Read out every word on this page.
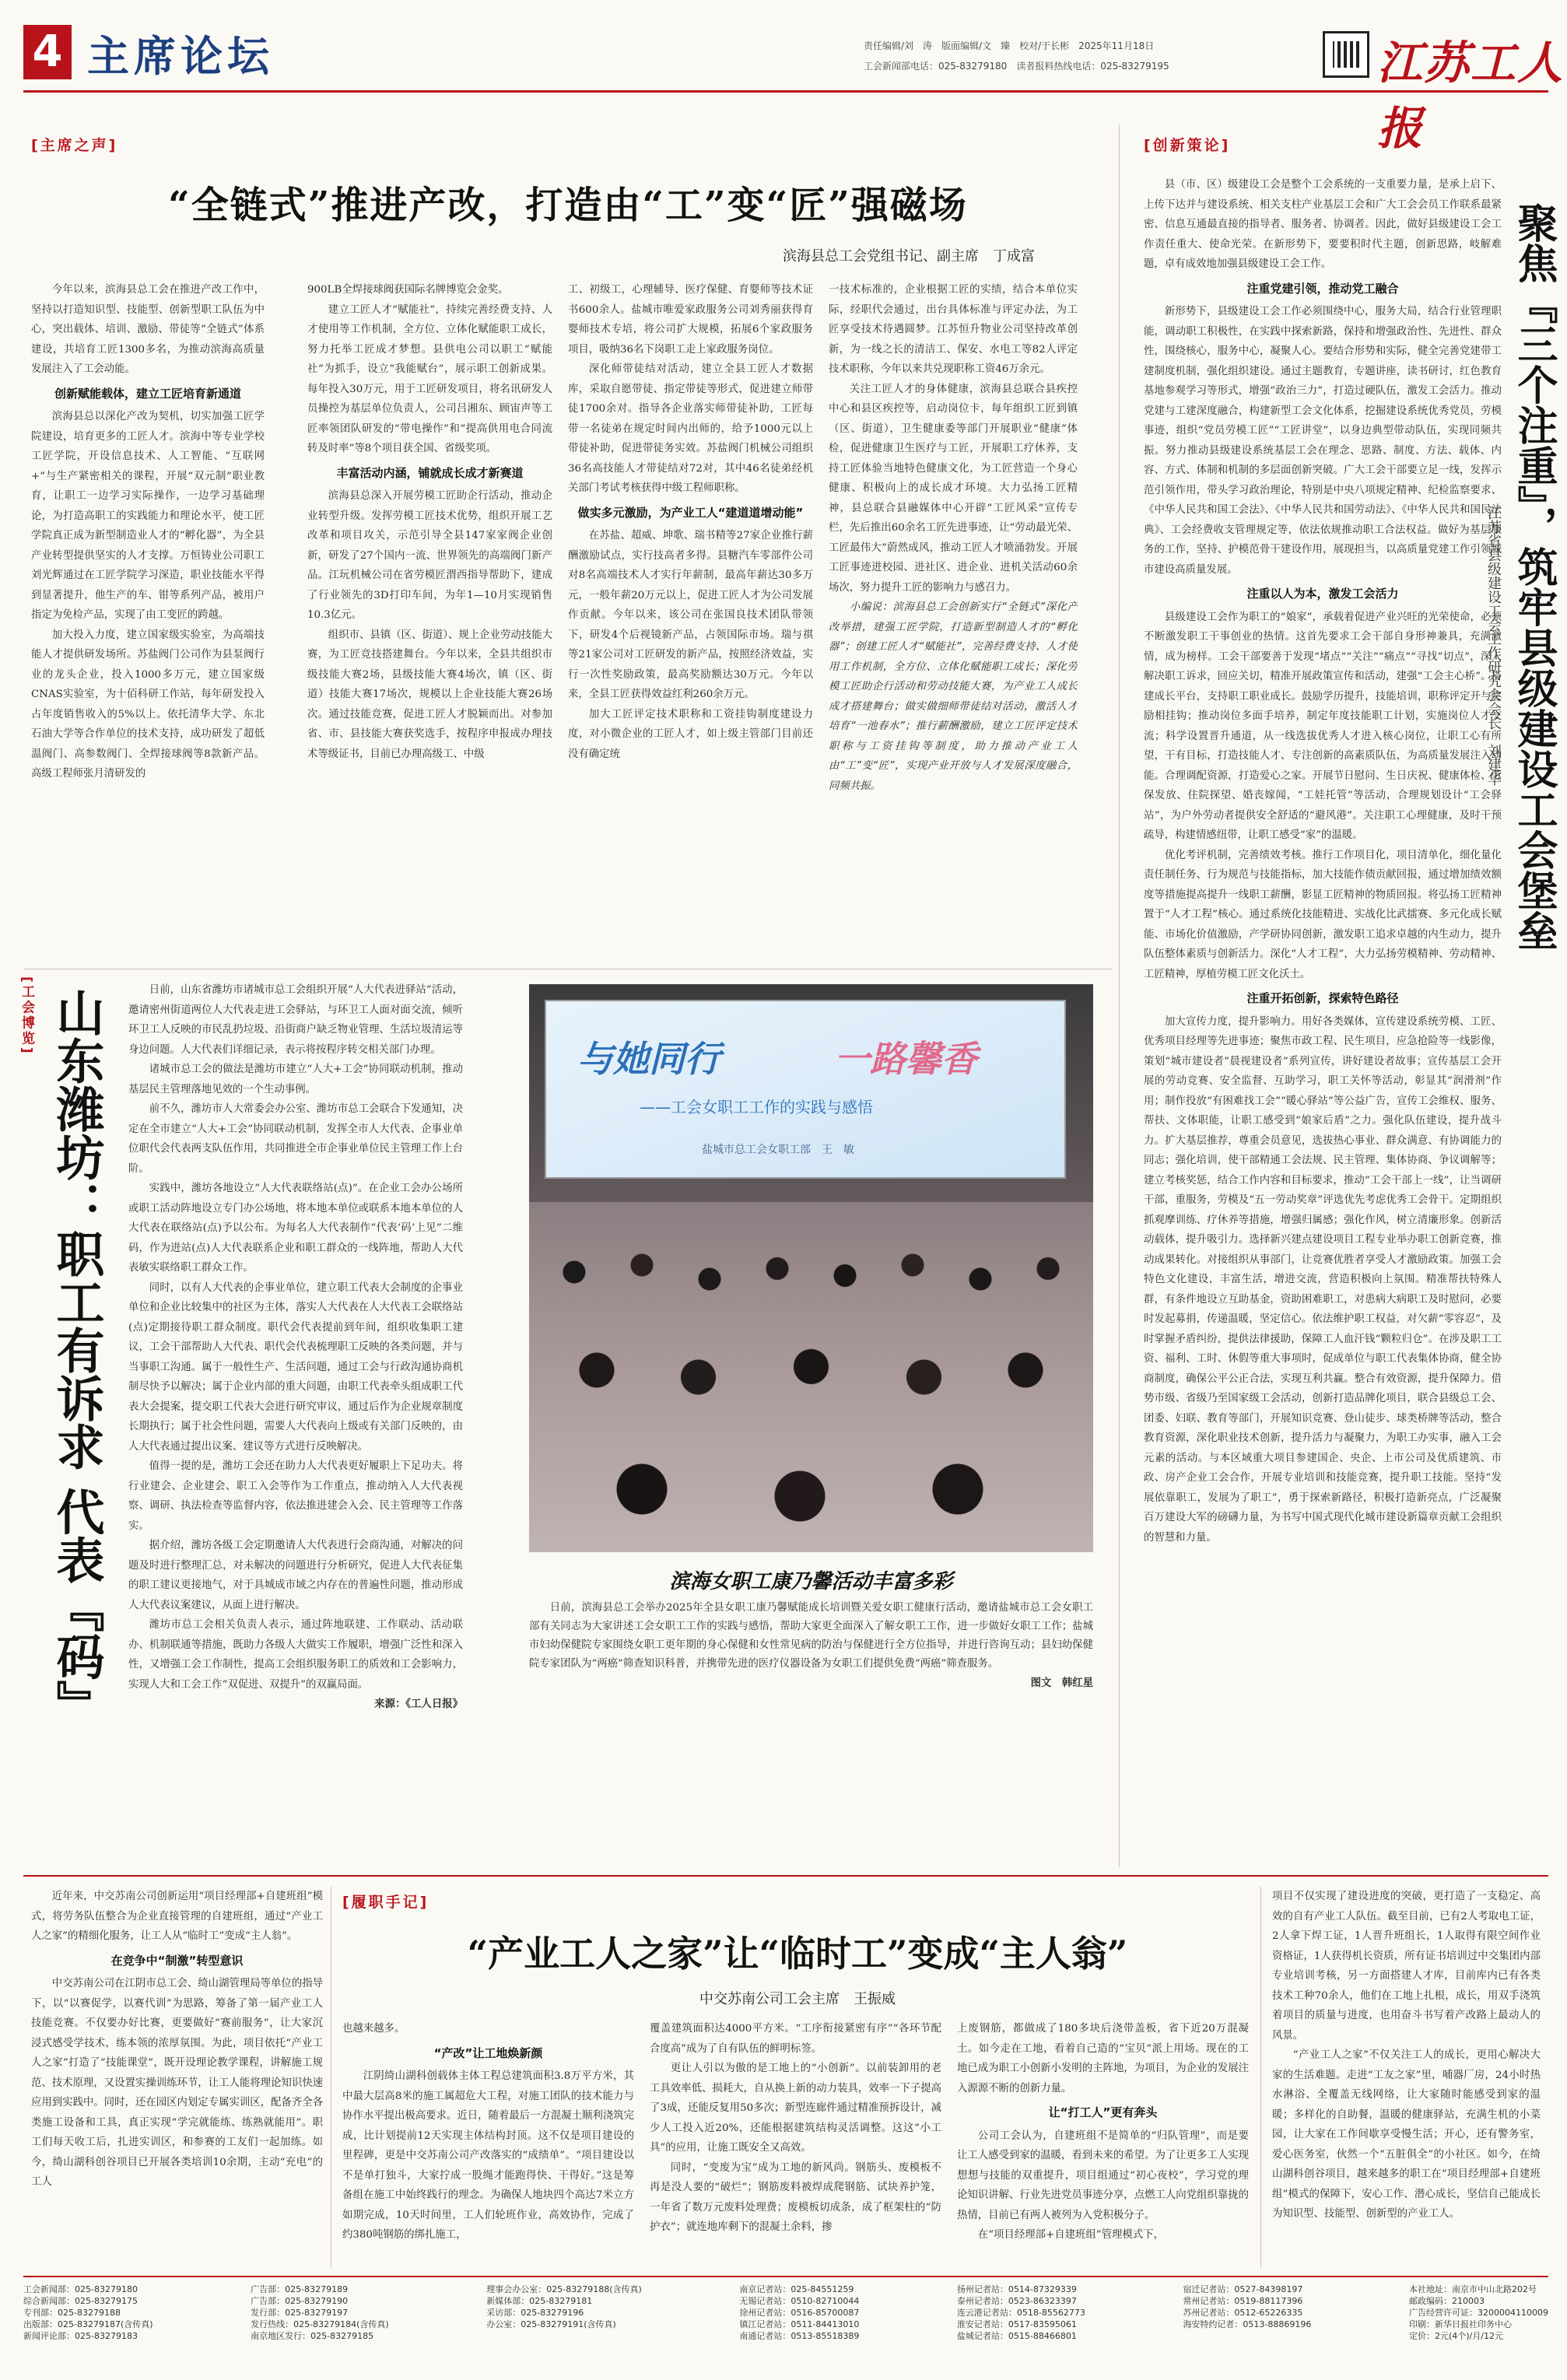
4 主席论坛	责任编辑/刘　涛　版面编辑/文　臻　校对/于长彬　2025年11月18日
工会新闻部电话：025-83279180　读者报料热线电话：025-83279195	江苏工人报
[主席之声]
“全链式”推进产改，打造由“工”变“匠”强磁场
滨海县总工会党组书记、副主席　丁成富

今年以来，滨海县总工会在推进产改工作中，坚持以打造知识型、技能型、创新型职工队伍为中心，突出载体、培训、激励、带徒等“全链式”体系建设，共培育工匠1300多名，为推动滨海高质量发展注入了工会动能。

创新赋能载体，建立工匠培育新通道

滨海县总以深化产改为契机，切实加强工匠学院建设，培育更多的工匠人才。滨海中等专业学校工匠学院，开设信息技术、人工智能、“互联网+”与生产紧密相关的课程，开展“双元制”职业教育，让职工一边学习实际操作，一边学习基础理论，为打造高职工的实践能力和理论水平，使工匠学院真正成为新型制造业人才的“孵化器”，为全县产业转型提供坚实的人才支撑。万恒铸业公司职工刘光辉通过在工匠学院学习深造，职业技能水平得到显著提升，他生产的车、钳等系列产品，被用户指定为免检产品，实现了由工变匠的跨越。

加大投入力度，建立国家级实验室，为高端技能人才提供研发场所。苏盐阀门公司作为县泵阀行业的龙头企业，投入1000多万元，建立国家级CNAS实验室，为十佰科研工作站，每年研发投入占年度销售收入的5%以上。依托清华大学、东北石油大学等合作单位的技术支持，成功研发了超低温阀门、高参数阀门、全焊接球阀等8款新产品。高级工程师张月清研发的

900LB全焊接球阀获国际名牌博览会金奖。

建立工匠人才“赋能社”，持续完善经费支持、人才使用等工作机制，全方位、立体化赋能职工成长，努力托举工匠成才梦想。县供电公司以职工“赋能社”为抓手，设立“我能赋台”，展示职工创新成果。每年投入30万元，用于工匠研发项目，将名讯研发人员操控为基层单位负责人，公司吕湘东、顾宙声等工匠率领团队研发的“带电操作”和“提高供用电合同流转及时率”等8个项目获全国、省级奖项。

丰富活动内涵，铺就成长成才新赛道

滨海县总深入开展劳模工匠助企行活动，推动企业转型升级。发挥劳模工匠技术优势，组织开展工艺改革和项目攻关，示范引导全县147家家阀企业创新，研发了27个国内一流、世界领先的高端阀门新产品。江玩机械公司在省劳模匠渭西指导帮助下，建成了行业领先的3D打印车间，为年1—10月实现销售10.3亿元。

组织市、县镇（区、街道）、规上企业劳动技能大赛，为工匠竞技搭建舞台。今年以来，全县共组织市级技能大赛2场，县级技能大赛4场次，镇（区、街道）技能大赛17场次，规模以上企业技能大赛26场次。通过技能竞赛，促进工匠人才脱颖而出。对参加省、市、县技能大赛获奖选手，按程序申报成办理技术等级证书，目前已办理高级工、中级

工、初级工，心理辅导、医疗保健、育婴师等技术证书600余人。盐城市唯爱家政服务公司刘秀丽获得育婴师技术专培，将公司扩大规模，拓展6个家政服务项目，吸纳36名下岗职工走上家政服务岗位。

深化师带徒结对活动，建立全县工匠人才数据库，采取自愿带徒、指定带徒等形式，促进建立师带徒1700余对。指导各企业落实师带徒补助，工匠每带一名徒弟在规定时间内出师的，给予1000元以上带徒补助，促进带徒务实效。苏盐阀门机械公司组织36名高技能人才带徒结对72对，其中46名徒弟经机关部门考试考核获得中级工程师职称。

做实多元激励，为产业工人“建道道增动能”

在苏盐、超威、坤歌、瑞书精等27家企业推行薪酬激励试点，实行技高者多得。县糖汽车零部件公司对8名高端技术人才实行年薪制，最高年薪达30多万元，一般年薪20万元以上，促进工匠人才为公司发展作贡献。今年以来，该公司在张国良技术团队带领下，研发4个后视镜新产品，占领国际市场。瑞与祺等21家公司对工匠研发的新产品，按照经济效益，实行一次性奖励政策，最高奖励额达30万元。今年以来，全县工匠获得效益红利260余万元。

加大工匠评定技术职称和工资挂钩制度建设力度，对小微企业的工匠人才，如上级主管部门目前还没有确定统

一技术标准的，企业根据工匠的实绩，结合本单位实际，经职代会通过，出台具体标准与评定办法，为工匠享受技术待遇圆梦。江苏恒升物业公司坚持改革创新，为一线之长的清洁工、保安、水电工等82人评定技术职称，今年以来共兑现职称工资46万余元。

关注工匠人才的身体健康，滨海县总联合县疾控中心和县区疾控等，启动岗位卡，每年组织工匠到镇（区、街道），卫生健康委等部门开展职业“健康”体检，促进健康卫生医疗与工匠，开展职工疗休养，支持工匠体验当地特色健康文化，为工匠营造一个身心健康、积极向上的成长成才环境。大力弘扬工匠精神，县总联合县融媒体中心开辟“工匠风采”宣传专栏，先后推出60余名工匠先进事迹，让“劳动最光荣、工匠最伟大”蔚然成风，推动工匠人才喷涌勃发。开展工匠事迹进校园、进社区、进企业、进机关活动60余场次，努力提升工匠的影响力与感召力。

小编说：滨海县总工会创新实行“全链式”深化产改举措，建强工匠学院，打造新型制造人才的“孵化器”；创建工匠人才“赋能社”，完善经费支持、人才使用工作机制，全方位、立体化赋能职工成长；深化劳模工匠助企行活动和劳动技能大赛，为产业工人成长成才搭建舞台；做实做细师带徒结对活动，激活人才培育“一池春水”；推行薪酬激励，建立工匠评定技术职称与工资挂钩等制度，助力推动产业工人由“工”变“匠”，实现产业开放与人才发展深度融合，同频共振。

[创新策论]

县（市、区）级建设工会是整个工会系统的一支重要力量，是承上启下、上传下达并与建设系统、相关支柱产业基层工会和广大工会会员工作联系最紧密、信息互通最直接的指导者、服务者、协调者。因此，做好县级建设工会工作责任重大、使命光荣。在新形势下，要要积时代主题，创新思路，岐解难题，卓有成效地加强县级建设工会工作。

注重党建引领，推动党工融合

新形势下，县级建设工会工作必须围绕中心，服务大局，结合行业管理职能，调动职工积极性，在实践中探索新路，保持和增强政治性、先进性、群众性，围绕核心，服务中心，凝聚人心。要结合形势和实际，健全完善党建带工建制度机制，强化组织建设。通过主题教育，专题讲座，读书研讨，红色教育基地参观学习等形式，增强“政治三力”，打造过硬队伍，激发工会活力。推动党建与工建深度融合，构建新型工会文化体系，挖掘建设系统优秀党员，劳模事迹，组织“党员劳模工匠”“工匠讲堂”，以身边典型带动队伍，实现同频共振。努力推动县级建设系统基层工会在理念、思路、制度、方法、载体、内容、方式、体制和机制的多层面创新突破。广大工会干部要立足一线，发挥示范引领作用，带头学习政治理论，特别是中央八项规定精神、纪检监察要求、《中华人民共和国工会法》、《中华人民共和国劳动法》、《中华人民共和国民法典》、工会经费收支管理规定等，依法依规推动职工合法权益。做好为基层服务的工作，坚持、护模范骨干建设作用，展现担当，以高质量党建工作引领城市建设高质量发展。

注重以人为本，激发工会活力

县级建设工会作为职工的“娘家”，承载着促进产业兴旺的光荣使命，必须不断激发职工干事创业的热情。这首先要求工会干部自身形神兼具，充满激情，成为榜样。工会干部要善于发现“堵点”“关注”“痛点”“寻找”切点”，深入解决职工诉求，回应关切，精准开展政策宣传和活动，建强“工会主心桥”。搭建成长平台，支持职工职业成长。鼓励学历提升，技能培训，职称评定开与奖励相挂钩；推动岗位多面手培养，制定年度技能职工计划，实施岗位人才交流；科学设置晋升通道，从一线选拔优秀人才进入核心岗位，让职工心有所望，干有目标，打造技能人才、专注创新的高素质队伍，为高质量发展注入动能。合理调配资源，打造爱心之家。开展节日慰问、生日庆祝、健康体检、劳保发放、住院探望、婚丧嫁闻，“工娃托管”等活动，合理规划设计“工会驿站”，为户外劳动者提供安全舒适的“避风港”。关注职工心理健康，及时干预疏导，构建情感纽带，让职工感受“家”的温暖。

优化考评机制，完善绩效考核。推行工作项目化，项目清单化，细化量化责任制任务、行为规范与技能指标，加大技能作债贡献回报，通过增加绩效额度等措施提高提升一线职工薪酬，影显工匠精神的物质回报。将弘扬工匠精神置于“人才工程”核心。通过系统化技能精进、实战化比武擂赛、多元化成长赋能、市场化价值激励，产学研协同创新，激发职工追求卓越的内生动力，提升队伍整体素质与创新活力。深化“人才工程”，大力弘扬劳模精神、劳动精神、工匠精神，厚植劳模工匠文化沃土。

注重开拓创新，探索特色路径

加大宣传力度，提升影响力。用好各类媒体，宣传建设系统劳模、工匠、优秀项目经理等先进事迹；聚焦市政工程、民生项目，应急抢险等一线影像，策划“城市建设者”晨视建设者”系列宣传，讲好建设者故事；宣传基层工会开展的劳动竞赛、安全监督、互助学习，职工关怀等活动，彰显其“润滑剂”作用；制作投放“有困难找工会”“暖心驿站”等公益广告，宣传工会维权、服务、帮扶、文体职能，让职工感受到“娘家后盾”之力。强化队伍建设，提升战斗力。扩大基层推荐，尊重会员意见，选拔热心事业、群众满意、有协调能力的同志；强化培训，使干部精通工会法规、民主管理、集体协商、争议调解等；建立考核奖惩，结合工作内容和目标要求，推动“工会干部上一线”，让当调研干部，重服务，劳模及“五一劳动奖章”评选优先考虑优秀工会骨干。定期组织抓观摩训练、疗休养等措施，增强归属感；强化作风，树立清廉形象。创新活动载体，提升吸引力。选择新兴建点建设项目工程专业举办职工创新竞赛，推动成果转化。对接组织从事部门，让竞赛优胜者享受人才激励政策。加强工会特色文化建设，丰富生活，增进交流，营造积极向上氛围。精准帮扶特殊人群，有条件地设立互助基金，资助困难职工，对患病大病职工及时慰问，必要时发起募捐，传递温暖，坚定信心。依法维护职工权益，对欠薪“零容忍”，及时掌握矛盾纠纷，提供法律援助，保障工人血汗钱“颗粒归仓”。在涉及职工工资、福利、工时、休假等重大事项时，促成单位与职工代表集体协商，健全协商制度，确保公平公正合法，实现互利共赢。整合有效资源，提升保障力。借势市级、省级乃至国家级工会活动，创新打造品牌化项目，联合县级总工会、团委、妇联、教育等部门，开展知识竞赛、登山徒步、球类桥牌等活动，整合教育资源，深化职业技术创新，提升活力与凝聚力，为职工办实事，融入工会元素的活动。与本区域重大项目参建国企、央企、上市公司及优质建筑、市政、房产企业工会合作，开展专业培训和技能竞赛，提升职工技能。坚持“发展依靠职工，发展为了职工”，勇于探索新路径，积极打造新亮点，广泛凝聚百万建设大军的磅礴力量，为书写中国式现代化城市建设新篇章贡献工会组织的智慧和力量。

聚焦『三个注重』，筑牢县级建设工会堡垒
江苏省县级建设工会工作研究会会长　刘建华
[工会博览] 山东潍坊：职工有诉求 代表『码』

日前，山东省潍坊市诸城市总工会组织开展“人大代表进驿站”活动，邀请密州街道两位人大代表走进工会驿站，与环卫工人面对面交流，倾听环卫工人反映的市民乱扔垃圾、沿街商户缺乏物业管理、生活垃圾清运等身边问题。人大代表们详细记录，表示将按程序转交相关部门办理。

诸城市总工会的做法是潍坊市建立“人大+工会”协同联动机制，推动基层民主管理落地见效的一个生动事例。

前不久，潍坊市人大常委会办公室、潍坊市总工会联合下发通知，决定在全市建立“人大+工会”协同联动机制，发挥全市人大代表、企事业单位职代会代表两支队伍作用，共同推进全市企事业单位民主管理工作上台阶。

实践中，潍坊各地设立“人大代表联络站(点)”。在企业工会办公场所或职工活动阵地设立专门办公场地，将本地本单位或联系本地本单位的人大代表在联络站(点)予以公布。为每名人大代表制作“代表‘码’上见”二维码，作为进站(点)人大代表联系企业和职工群众的一线阵地，帮助人大代表敏实联络职工群众工作。

同时，以有人大代表的企事业单位，建立职工代表大会制度的企事业单位和企业比较集中的社区为主体，落实人大代表在人大代表工会联络站(点)定期接待职工群众制度。职代会代表提前到年间，组织收集职工建议，工会干部帮助人大代表、职代会代表梳理职工反映的各类问题，并与当事职工沟通。属于一般性生产、生活问题，通过工会与行政沟通协商机制尽快予以解决；属于企业内部的重大问题，由职工代表牵头组成职工代表大会提案，提交职工代表大会进行研究审议，通过后作为企业规章制度长期执行；属于社会性问题，需要人大代表向上级或有关部门反映的，由人大代表通过提出议案、建议等方式进行反映解决。

值得一提的是，潍坊工会还在助力人大代表更好履职上下足功夫。将行业建会、企业建会、职工入会等作为工作重点，推动纳入人大代表视察、调研、执法检查等监督内容，依法推进建会入会、民主管理等工作落实。

据介绍，潍坊各级工会定期邀请人大代表进行会商沟通，对解决的问题及时进行整理汇总，对未解决的问题进行分析研究，促进人大代表征集的职工建议更接地气，对于具城成市域之内存在的普遍性问题，推动形成人大代表议案建议，从面上进行解决。

潍坊市总工会相关负责人表示，通过阵地联建、工作联动、活动联办、机制联通等措施，既助力各级人大做实工作履职，增强广泛性和深入性，又增强工会工作制性，提高工会组织服务职工的质效和工会影响力，实现人大和工会工作“双促进、双提升”的双赢局面。

来源：《工人日报》

与她同行	一路馨香
——工会女职工工作的实践与感悟
盐城市总工会女职工部　王　敏
滨海女职工康乃馨活动丰富多彩

日前，滨海县总工会举办2025年全县女职工康乃馨赋能成长培训暨关爱女职工健康行活动，邀请盐城市总工会女职工部有关同志为大家讲述工会女职工工作的实践与感悟，帮助大家更全面深入了解女职工工作，进一步做好女职工工作；盐城市妇幼保健院专家围绕女职工更年期的身心保健和女性常见病的防治与保健进行全方位指导，并进行咨询互动；县妇幼保健院专家团队为“两癌”筛查知识科普，并携带先进的医疗仪器设备为女职工们提供免费“两癌”筛查服务。

图文　韩红星

近年来，中交苏南公司创新运用“项目经理部+自建班组”模式，将劳务队伍整合为企业直接管理的自建班组，通过“产业工人之家”的精细化服务，让工人从“临时工”变成“主人翁”。

在竞争中“制激”转型意识

中交苏南公司在江阴市总工会、绮山湖管理局等单位的指导下，以“以赛促学，以赛代训”为思路，筹备了第一届产业工人技能竞赛。不仅要办好比赛，更要做好“赛前服务”，让大家沉浸式感受学技术，练本领的浓厚氛围。为此，项目依托“产业工人之家”打造了“技能课堂”，既开设理论教学课程，讲解施工规范、技术原理，又设置实操训练环节，让工人能将理论知识快速应用到实践中。同时，还在园区内划定专属实训区，配备齐全各类施工设备和工具，真正实现“学完就能练、练熟就能用”。职工们每天收工后，扎进实训区，和参赛的工友们一起加练。如今，绮山湖科创谷项目已开展各类培训10余期，主动“充电”的工人

[履职手记]
“产业工人之家”让“临时工”变成“主人翁”
中交苏南公司工会主席　王振威

也越来越多。

“产改”让工地焕新颜

江阴绮山湖科创载体主体工程总建筑面积3.8万平方米，其中最大层高8米的施工属超危大工程，对施工团队的技术能力与协作水平提出极高要求。近日，随着最后一方混凝土顺利浇筑完成，比计划提前12天实现主体结构封顶。这不仅是项目建设的里程碑，更是中交苏南公司产改落实的“成绩单”。“项目建设以不是单打独斗，大家拧成一股绳才能跑得快、干得好。”这是筹备组在施工中始终践行的理念。为确保人地块四个高达7米立方如期完成，10天时间里，工人们轮班作业，高效协作，完成了约380吨钢筋的绑扎施工，

覆盖建筑面积达4000平方米。“工序衔接紧密有序”“各环节配合度高”成为了自有队伍的鲜明标签。

更让人引以为傲的是工地上的“小创新”。以前装卸用的老工具效率低、损耗大，自从换上新的动力装具，效率一下子提高了3成，还能反复用50多次；新型连廊件通过精准预拆设计，减少人工投入近20%，还能根据建筑结构灵活调整。这这“小工具”的应用，让施工既安全又高效。

同时，“变废为宝”成为工地的新风尚。钢筋头、废模板不再是没人要的“破烂”；钢筋废料被焊成爬钢筋、试块养护笼，一年省了数万元废料处理费；废模板切成条，成了框架柱的“防护衣”；就连地库剩下的混凝土余料，掺

上废钢筋，都做成了180多块后浇带盖板，省下近20万混凝土。如今走在工地，看着自己造的“宝贝”派上用场。现在的工地已成为职工小创新小发明的主阵地，为项目，为企业的发展注入源源不断的创新力量。

让“打工人”更有奔头

公司工会认为，自建班组不是简单的“归队管理”，而是要让工人感受到家的温暖，看到未来的希望。为了让更多工人实现想想与技能的双重提升，项目组通过“初心夜校”，学习党的理论知识讲解、行业先进党员事迹分享，点燃工人向党组织靠拢的热情，目前已有两人被列为入党积极分子。

在“项目经理部+自建班组”管理模式下，

项目不仅实现了建设进度的突破，更打造了一支稳定、高效的自有产业工人队伍。截至目前，已有2人考取电工证，2人拿下焊工证，1人晋升班组长，1人取得有限空间作业资格证，1人获得机长资质，所有证书培训过中交集团内部专业培训考核，另一方面搭建人才库，目前库内已有各类技术工种70余人，他们在工地上扎根，成长，用双手浇筑着项目的质量与进度，也用奋斗书写着产改路上最动人的风景。

“产业工人之家”不仅关注工人的成长，更用心解决大家的生活难题。走进“工友之家”里，哺器厂房，24小时热水淋浴、全覆盖无线网络，让大家随时能感受到家的温暖；多样化的自助餐，温暖的健康驿站，充满生机的小菜园，让大家在工作间歇享受慢生活；开心，还有警务室，爱心医务室，伙然一个“五脏俱全”的小社区。如今，在绮山湖科创谷项目，越来越多的职工在“项目经理部+自建班组”模式的保障下，安心工作、潜心成长，坚信自己能成长为知识型、技能型、创新型的产业工人。

工会新闻部：025-83279180
综合新闻部：025-83279175
专刊部：025-83279188
出版部：025-83279187(含传真)
新闻评论部：025-83279183
广告部：025-83279189
广告部：025-83279190
发行部：025-83279197
发行热线：025-83279184(含传真)
南京地区发行：025-83279185
理事会办公室：025-83279188(含传真)
新媒体部：025-83279181
采访部：025-83279196
办公室：025-83279191(含传真)
南京记者站：025-84551259
无锡记者站：0510-82710044
徐州记者站：0516-85700087
镇江记者站：0511-84413010
南通记者站：0513-85518389
扬州记者站：0514-87329339
泰州记者站：0523-86323397
连云港记者站：0518-85562773
淮安记者站：0517-83595061
盐城记者站：0515-88466801
宿迁记者站：0527-84398197
常州记者站：0519-88117396
苏州记者站：0512-65226335
海安特约记者：0513-88869196
本社地址：南京市中山北路202号
邮政编码：210003
广告经营许可证：3200004110009
印刷：新华日报社印务中心
定价：2元(4个)/月/12元
